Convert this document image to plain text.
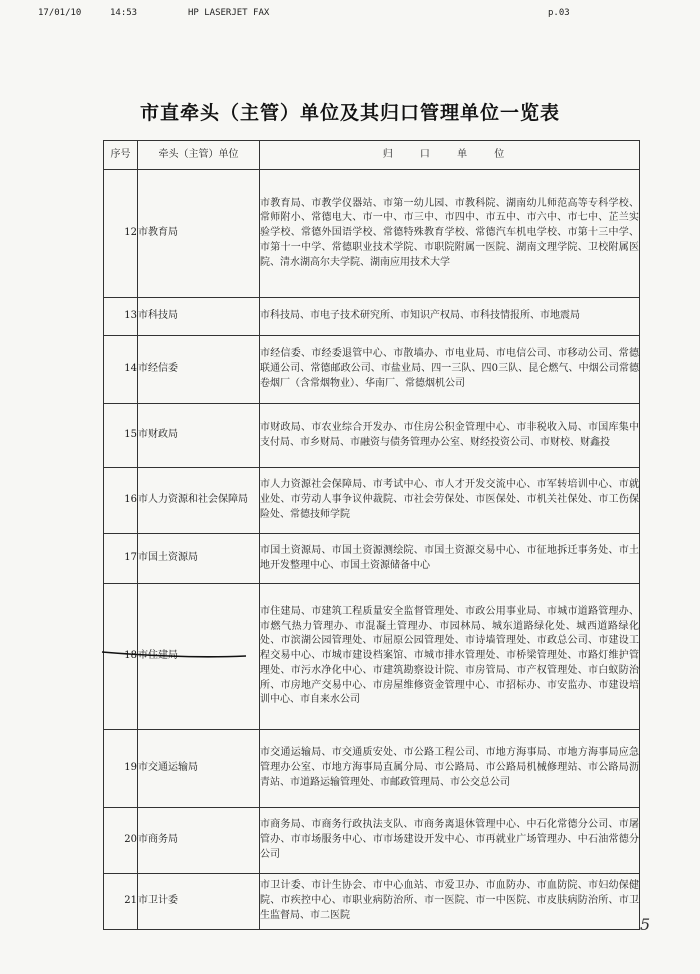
17/01/10	14:53	HP LASERJET FAX	p.03
市直牵头（主管）单位及其归口管理单位一览表
序号	牵头（主管）单位	归 口 单 位
12	市教育局	市教育局、市教学仪器站、市第一幼儿园、市教科院、湖南幼儿师范高等专科学校、常师附小、常德电大、市一中、市三中、市四中、市五中、市六中、市七中、芷兰实验学校、常德外国语学校、常德特殊教育学校、常德汽车机电学校、市第十三中学、市第十一中学、常德职业技术学院、市职院附属一医院、湖南文理学院、卫校附属医院、清水湖高尔夫学院、湖南应用技术大学
13	市科技局	市科技局、市电子技术研究所、市知识产权局、市科技情报所、市地震局
14	市经信委	市经信委、市经委退管中心、市散墙办、市电业局、市电信公司、市移动公司、常德联通公司、常德邮政公司、市盐业局、四一三队、四0三队、昆仑燃气、中烟公司常德卷烟厂（含常烟物业）、华南厂、常德烟机公司
15	市财政局	市财政局、市农业综合开发办、市住房公积金管理中心、市非税收入局、市国库集中支付局、市乡财局、市融资与债务管理办公室、财经投资公司、市财校、财鑫投
16	市人力资源和社会保障局	市人力资源社会保障局、市考试中心、市人才开发交流中心、市军转培训中心、市就业处、市劳动人事争议仲裁院、市社会劳保处、市医保处、市机关社保处、市工伤保险处、常德技师学院
17	市国土资源局	市国土资源局、市国土资源测绘院、市国土资源交易中心、市征地拆迁事务处、市土地开发整理中心、市国土资源储备中心
18	市住建局	市住建局、市建筑工程质量安全监督管理处、市政公用事业局、市城市道路管理办、市燃气热力管理办、市混凝土管理办、市园林局、城东道路绿化处、城西道路绿化处、市滨湖公园管理处、市屈原公园管理处、市诗墙管理处、市政总公司、市建设工程交易中心、市城市建设档案馆、市城市排水管理处、市桥梁管理处、市路灯维护管理处、市污水净化中心、市建筑勘察设计院、市房管局、市产权管理处、市白蚁防治所、市房地产交易中心、市房屋维修资金管理中心、市招标办、市安监办、市建设培训中心、市自来水公司
19	市交通运输局	市交通运输局、市交通质安处、市公路工程公司、市地方海事局、市地方海事局应急管理办公室、市地方海事局直属分局、市公路局、市公路局机械修理站、市公路局沥青站、市道路运输管理处、市邮政管理局、市公交总公司
20	市商务局	市商务局、市商务行政执法支队、市商务离退休管理中心、中石化常德分公司、市屠管办、市市场服务中心、市市场建设开发中心、市再就业广场管理办、中石油常德分公司
21	市卫计委	市卫计委、市计生协会、市中心血站、市爱卫办、市血防办、市血防院、市妇幼保健院、市疾控中心、市职业病防治所、市一医院、市一中医院、市皮肤病防治所、市卫生监督局、市二医院	5
